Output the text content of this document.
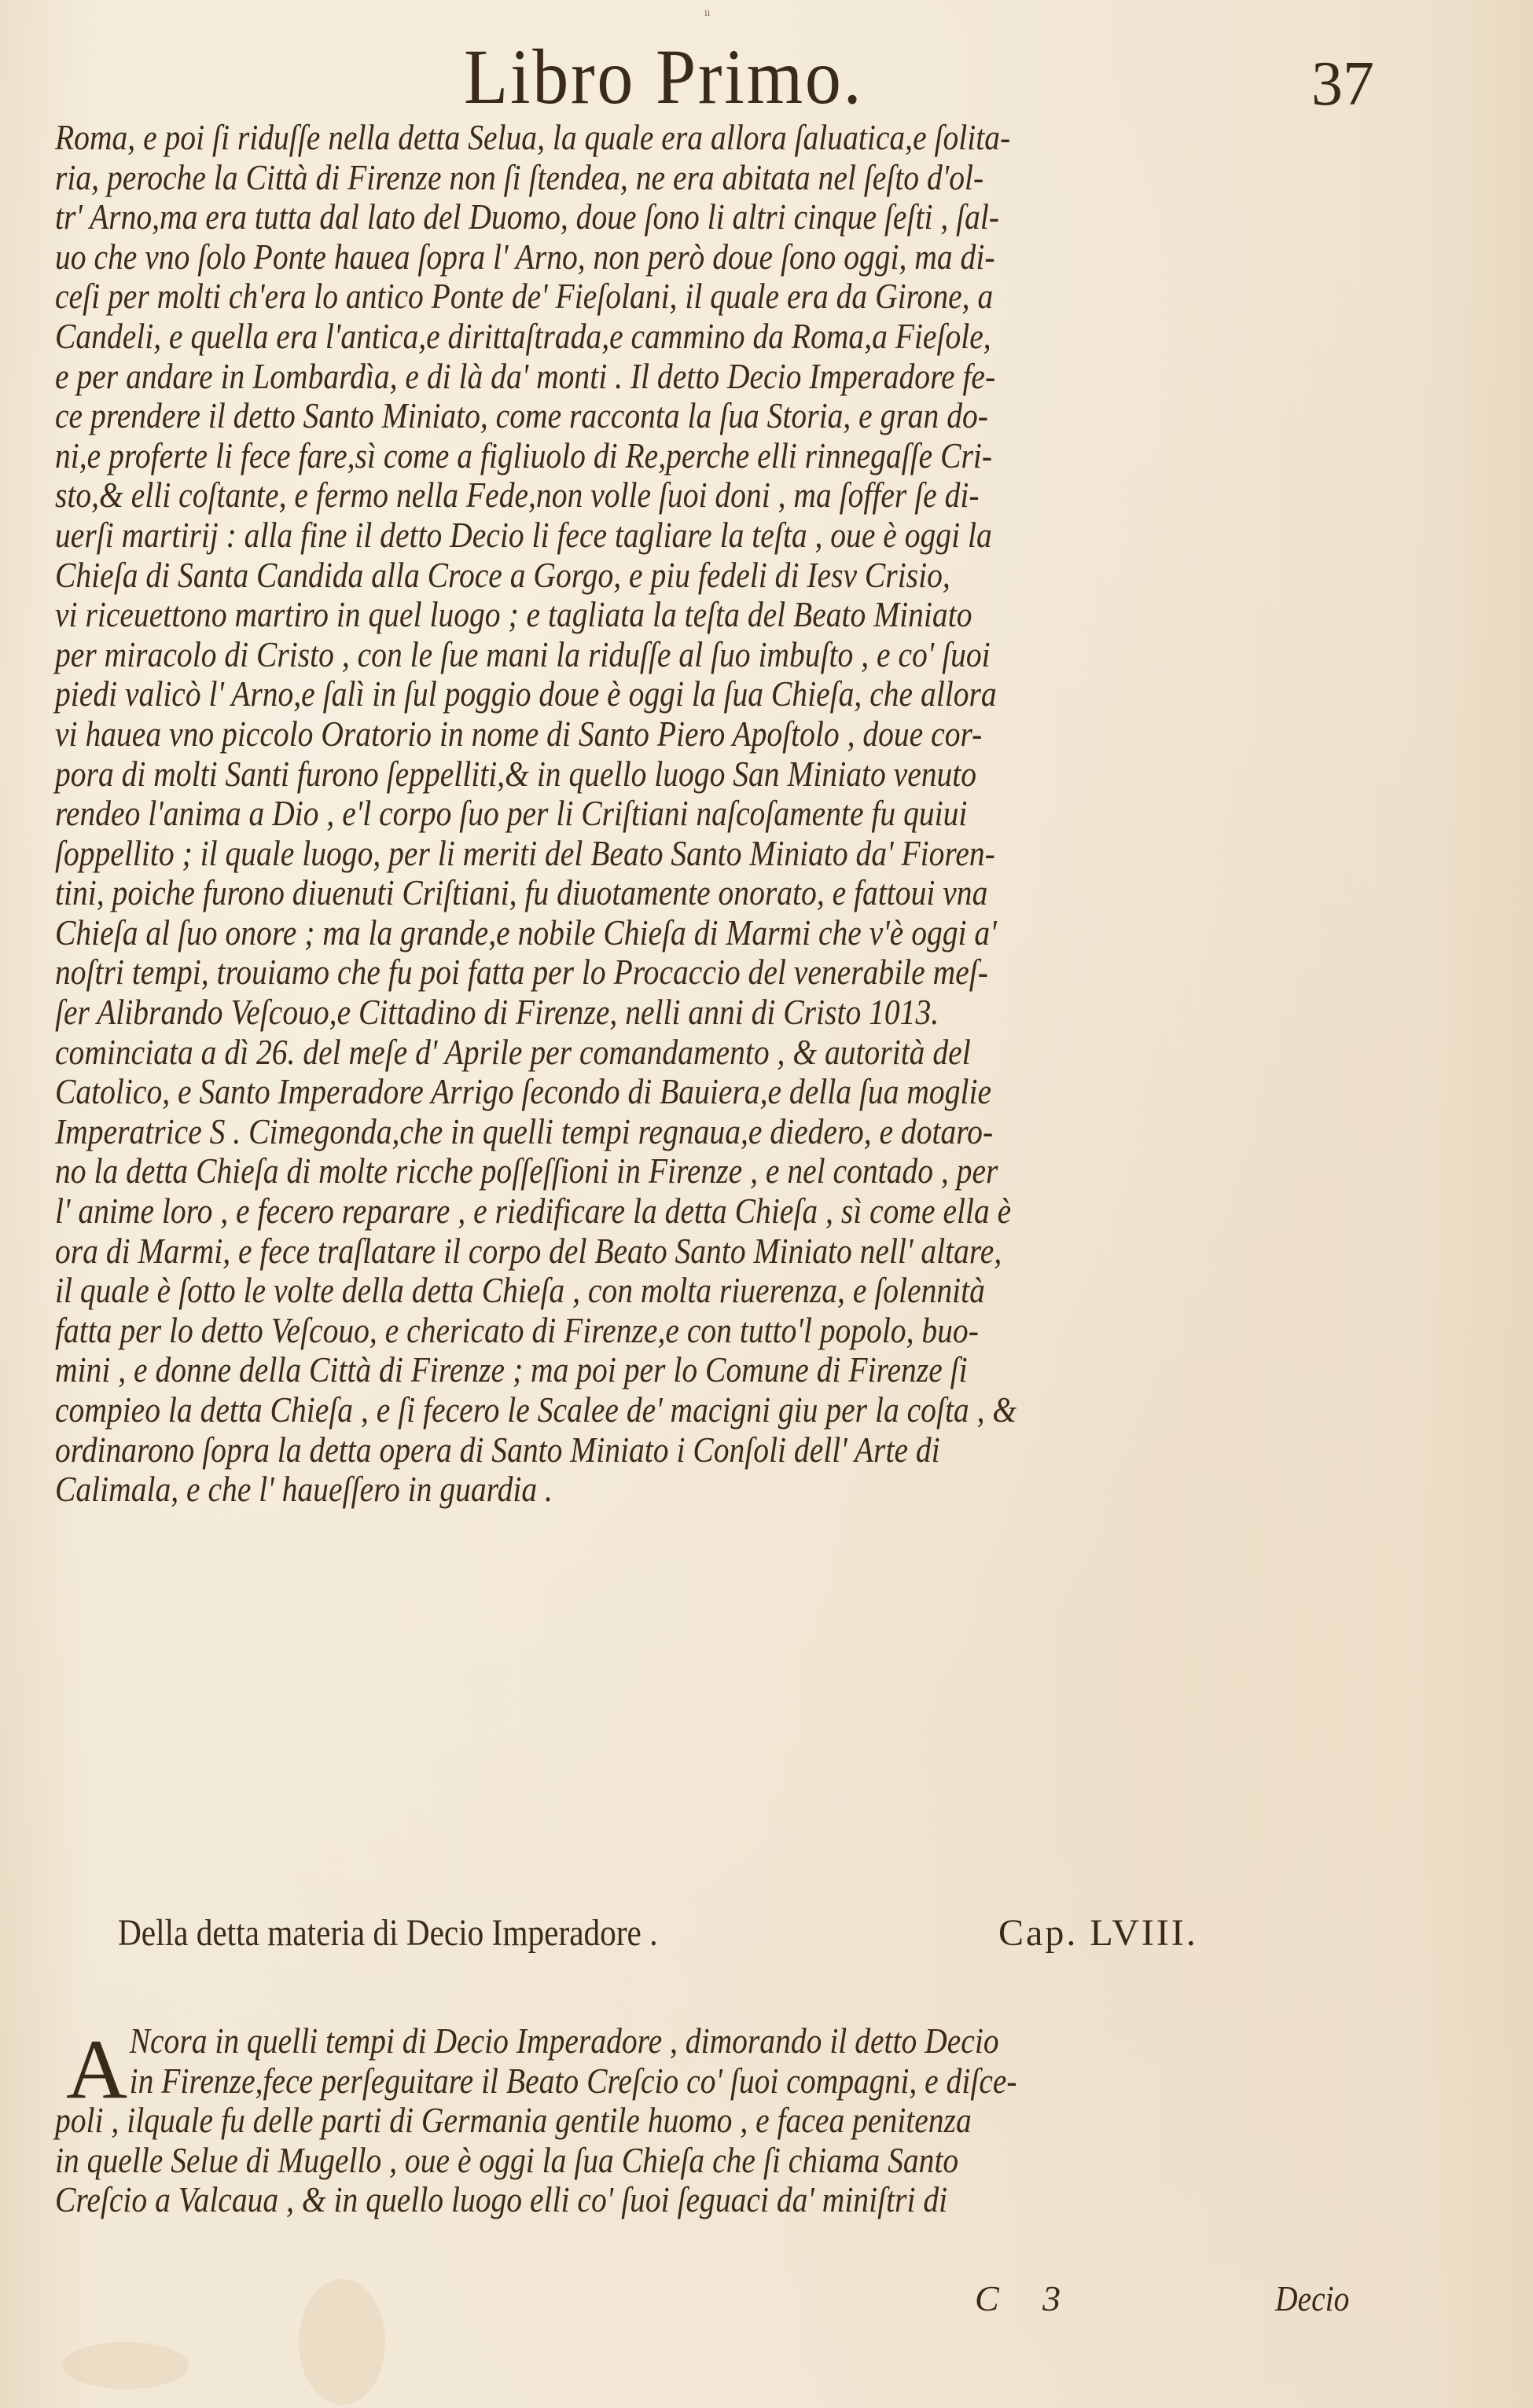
ᵢᵢ
Libro Primo.	37
Roma, e poi ſi riduſſe nella detta Selua, la quale era allora ſaluatica,e ſolita-
ria, peroche la Città di Firenze non ſi ſtendea, ne era abitata nel ſeſto d'ol-
tr' Arno,ma era tutta dal lato del Duomo, doue ſono li altri cinque ſeſti , ſal-
uo che vno ſolo Ponte hauea ſopra l' Arno, non però doue ſono oggi, ma di-
ceſi per molti ch'era lo antico Ponte de' Fieſolani, il quale era da Girone, a
Candeli, e quella era l'antica,e dirittaſtrada,e cammino da Roma,a Fieſole,
e per andare in Lombardìa, e di là da' monti . Il detto Decio Imperadore fe-
ce prendere il detto Santo Miniato, come racconta la ſua Storia, e gran do-
ni,e proferte li fece fare,sì come a figliuolo di Re,perche elli rinnegaſſe Cri-
sto,& elli coſtante, e fermo nella Fede,non volle ſuoi doni , ma ſoffer ſe di-
uerſi martirij : alla fine il detto Decio li fece tagliare la teſta , oue è oggi la
Chieſa di Santa Candida alla Croce a Gorgo, e piu fedeli di Iesv Crisio,
vi riceuettono martiro in quel luogo ; e tagliata la teſta del Beato Miniato
per miracolo di Cristo , con le ſue mani la riduſſe al ſuo imbuſto , e co' ſuoi
piedi valicò l' Arno,e ſalì in ſul poggio doue è oggi la ſua Chieſa, che allora
vi hauea vno piccolo Oratorio in nome di Santo Piero Apoſtolo , doue cor-
pora di molti Santi furono ſeppelliti,& in quello luogo San Miniato venuto
rendeo l'anima a Dio , e'l corpo ſuo per li Criſtiani naſcoſamente fu quiui
ſoppellito ; il quale luogo, per li meriti del Beato Santo Miniato da' Fioren-
tini, poiche furono diuenuti Criſtiani, fu diuotamente onorato, e fattoui vna
Chieſa al ſuo onore ; ma la grande,e nobile Chieſa di Marmi che v'è oggi a'
noſtri tempi, trouiamo che fu poi fatta per lo Procaccio del venerabile meſ-
ſer Alibrando Veſcouo,e Cittadino di Firenze, nelli anni di Cristo 1013.
cominciata a dì 26. del meſe d' Aprile per comandamento , & autorità del
Catolico, e Santo Imperadore Arrigo ſecondo di Bauiera,e della ſua moglie
Imperatrice S . Cimegonda,che in quelli tempi regnaua,e diedero, e dotaro-
no la detta Chieſa di molte ricche poſſeſſioni in Firenze , e nel contado , per
l' anime loro , e fecero reparare , e riedificare la detta Chieſa , sì come ella è
ora di Marmi, e fece traſlatare il corpo del Beato Santo Miniato nell' altare,
il quale è ſotto le volte della detta Chieſa , con molta riuerenza, e ſolennità
fatta per lo detto Veſcouo, e chericato di Firenze,e con tutto'l popolo, buo-
mini , e donne della Città di Firenze ; ma poi per lo Comune di Firenze ſi
compieo la detta Chieſa , e ſi fecero le Scalee de' macigni giu per la coſta , &
ordinarono ſopra la detta opera di Santo Miniato i Conſoli dell' Arte di
Calimala, e che l' haueſſero in guardia .
Della detta materia di Decio Imperadore .	Cap. LVIII.
A Ncora in quelli tempi di Decio Imperadore , dimorando il detto Decio
in Firenze,fece perſeguitare il Beato Creſcio co' ſuoi compagni, e diſce-
poli , ilquale fu delle parti di Germania gentile huomo , e facea penitenza
in quelle Selue di Mugello , oue è oggi la ſua Chieſa che ſi chiama Santo
Creſcio a Valcaua , & in quello luogo elli co' ſuoi ſeguaci da' miniſtri di
C 3	Decio
